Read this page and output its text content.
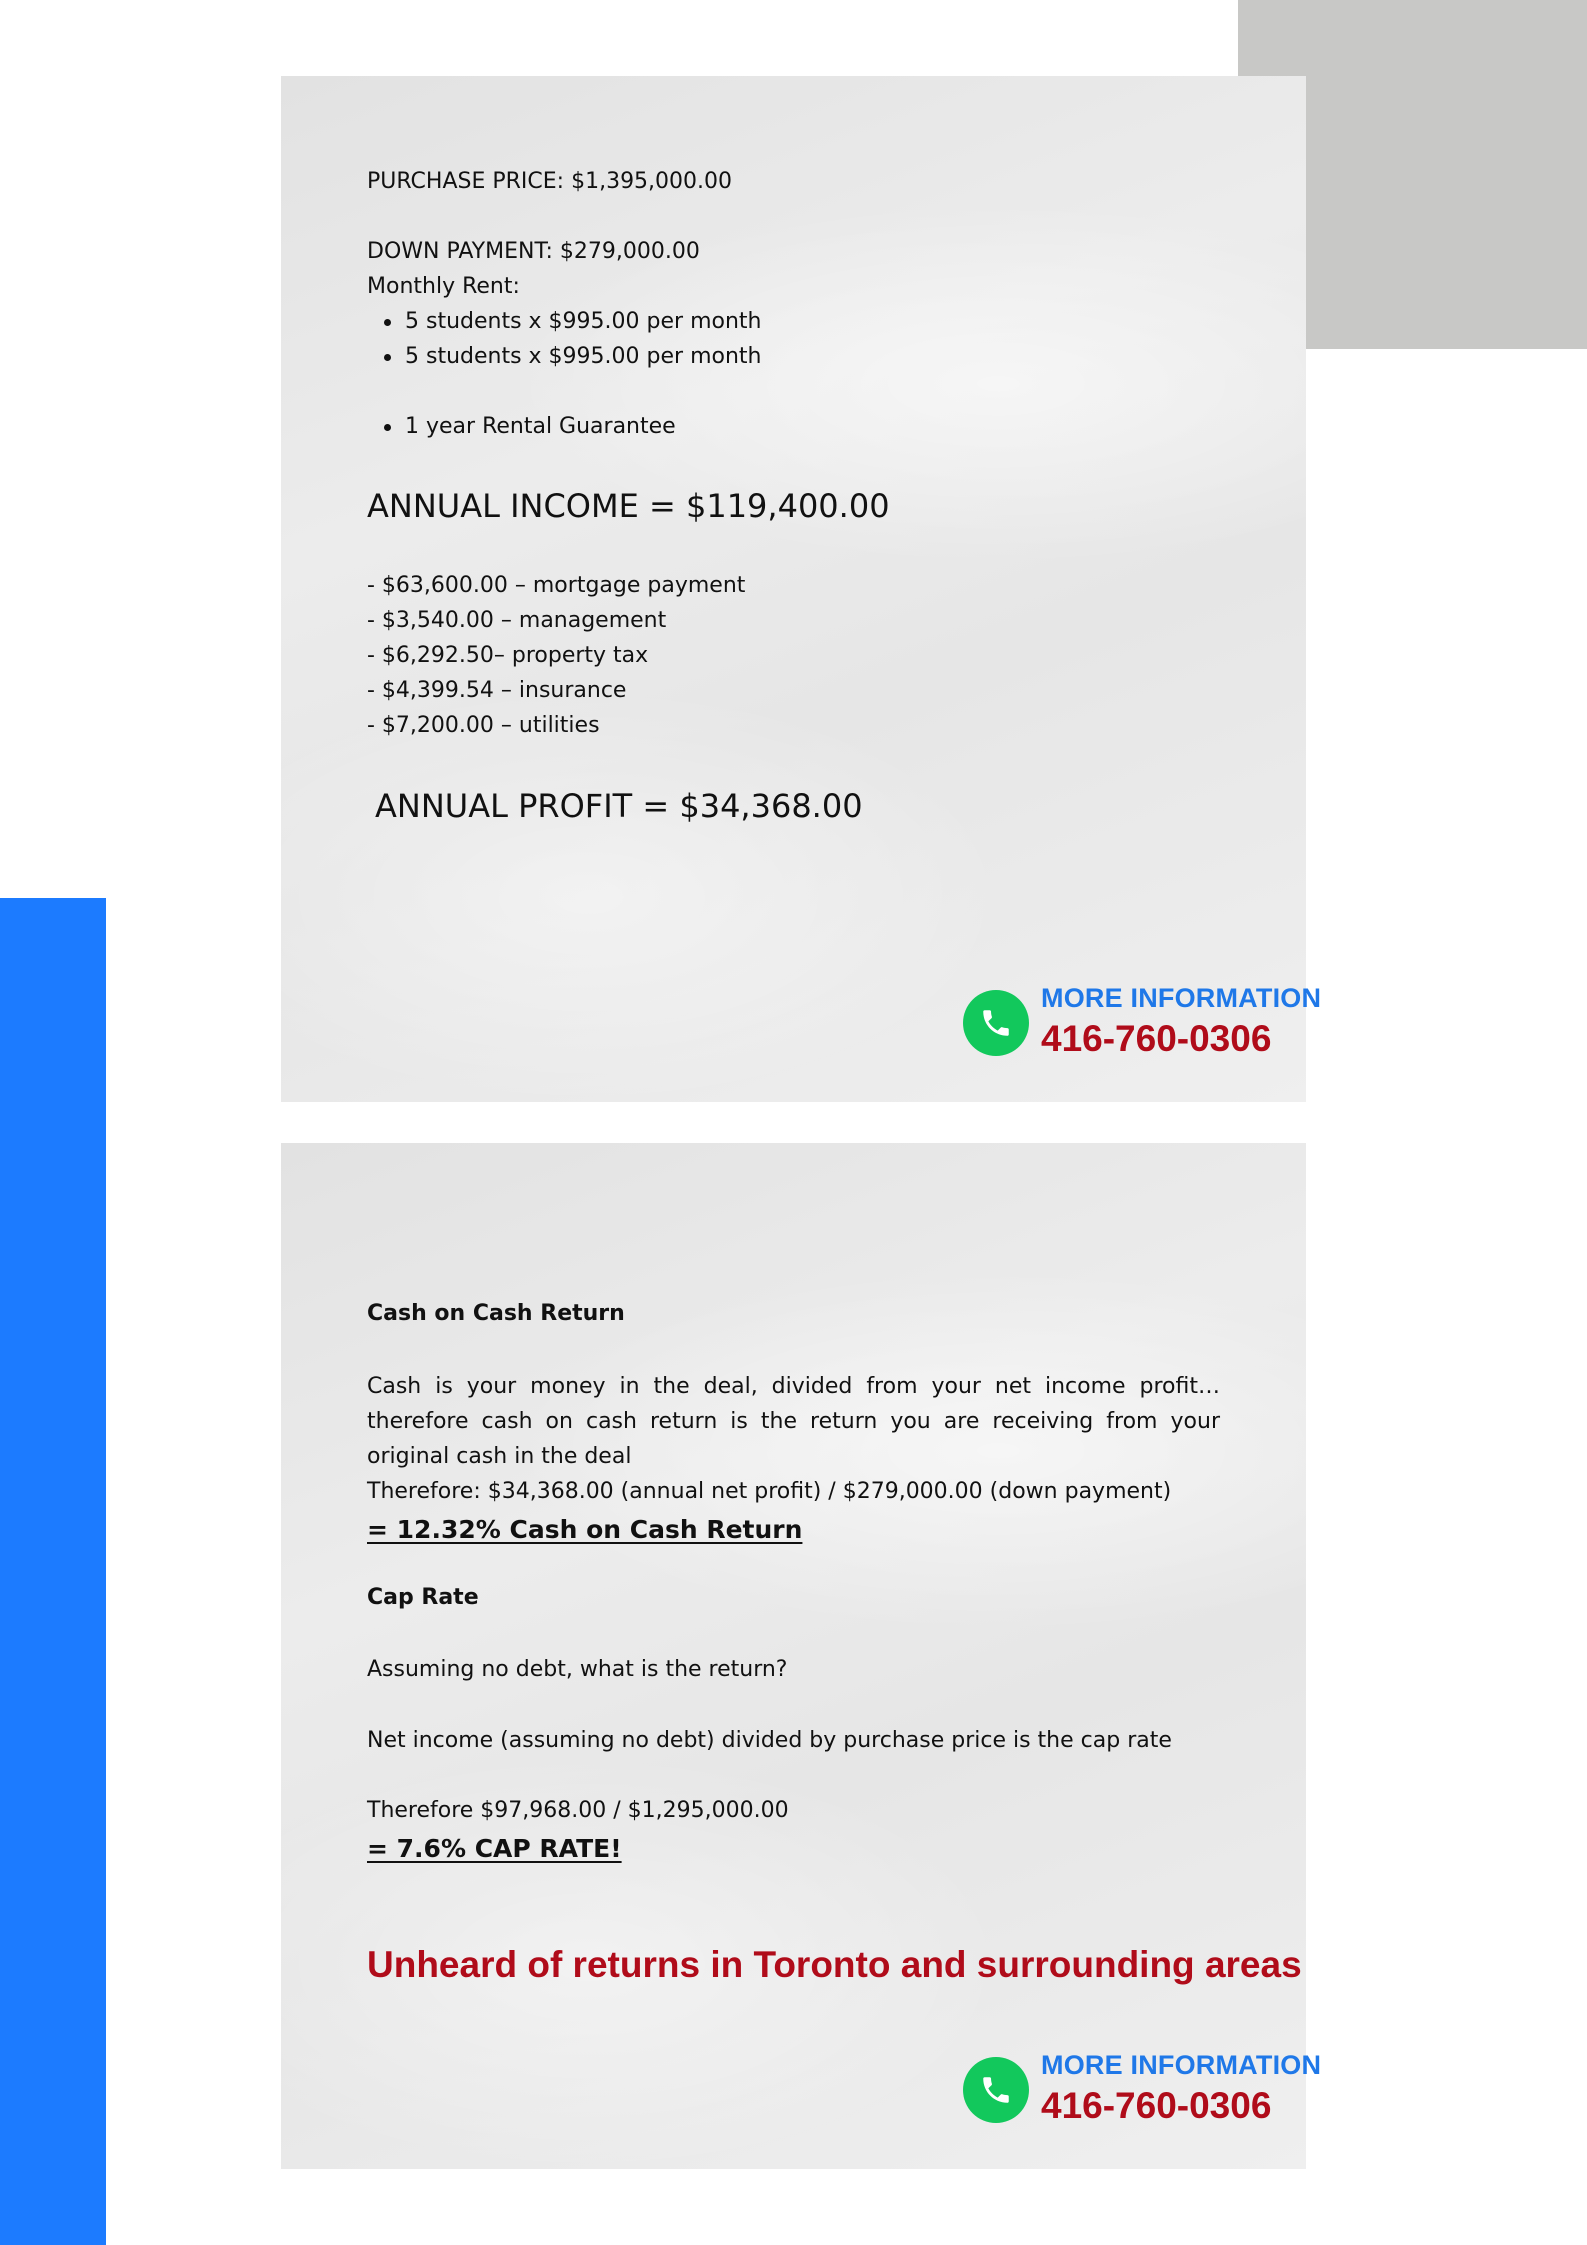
PURCHASE PRICE: $1,395,000.00
DOWN PAYMENT: $279,000.00
Monthly Rent:
5 students x $995.00 per month
5 students x $995.00 per month
1 year Rental Guarantee
ANNUAL INCOME = $119,400.00
- $63,600.00 – mortgage payment
- $3,540.00 – management
- $6,292.50– property tax
- $4,399.54 – insurance
- $7,200.00 – utilities
ANNUAL PROFIT = $34,368.00
MORE INFORMATION
416-760-0306
Cash on Cash Return
Cash is your money in the deal, divided from your net income profit… therefore cash on cash return is the return you are receiving from your original cash in the deal
Therefore: $34,368.00 (annual net profit) / $279,000.00 (down payment)
= 12.32% Cash on Cash Return
Cap Rate
Assuming no debt, what is the return?
Net income (assuming no debt) divided by purchase price is the cap rate
Therefore $97,968.00 / $1,295,000.00
= 7.6% CAP RATE!
Unheard of returns in Toronto and surrounding areas
MORE INFORMATION
416-760-0306
